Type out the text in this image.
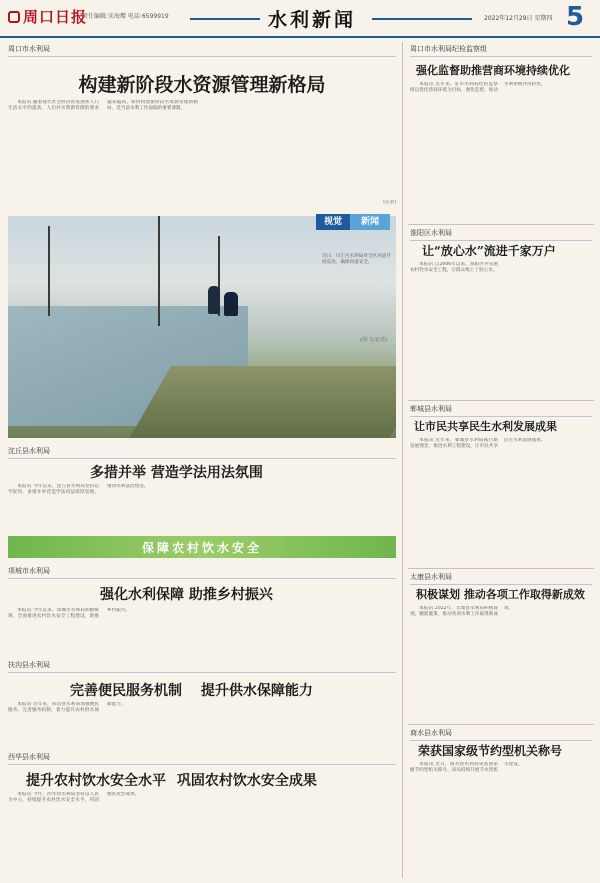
周口日报
责任编辑:宋海鹰 电话:6599919	水利新闻	2022年12月29日 星期四 5
周口市水利局
构建新阶段水资源管理新格局

本报讯 随着现代社会经济的发展和人口生活水平的提高，人们对水资源管理的要求越来越高。如何构建新阶段水资源管理新格局，是当前水利工作面临的重要课题。

(记者)
视觉	新闻
近日，川汇区水利局对全区河道开展巡查，确保河道安全。
(图·文/记者)
沈丘县水利局
多措并举 营造学法用法氛围

本报讯 今年以来，沈丘县水利局坚持以学促用，多措并举营造学法用法浓厚氛围，推动水利法治建设。

保障农村饮水安全
项城市水利局
强化水利保障 助推乡村振兴

本报讯 今年以来，项城市水利局积极统筹，全面推进农村饮水安全工程建设，助推乡村振兴。

扶沟县水利局
完善便民服务机制 提升供水保障能力

本报讯 近年来，扶沟县水利局加强便民服务，完善服务机制，着力提升农村供水保障能力。

西华县水利局
提升农村饮水安全水平 巩固农村饮水安全成果

本报讯 今年，西华县水利局坚持以人民为中心，持续提升农村饮水安全水平，巩固脱贫攻坚成果。

周口市水利局纪检监察组
强化监督助推营商环境持续优化

本报讯 近年来，驻市水利局纪检监察组以优化营商环境为目标，强化监督，推动水利系统作风转变。

淮阳区水利局
让“放心水”流进千家万户

本报讯 自2006年以来，淮阳区共实施农村饮水安全工程，让群众喝上了放心水。

郸城县水利局
让市民共享民生水利发展成果

本报讯 近年来，郸城县水利局践行新发展理念，推进水利工程建设，让市民共享民生水利发展成果。

太康县水利局
积极谋划 推动各项工作取得新成效

本报讯 2022年，太康县水利局积极谋划，精准施策，推动各项水利工作取得新成效。

商水县水利局
荣获国家级节约型机关称号

本报讯 近日，商水县水利局荣获国家级节约型机关称号。该局持续开展节水型机关建设。
